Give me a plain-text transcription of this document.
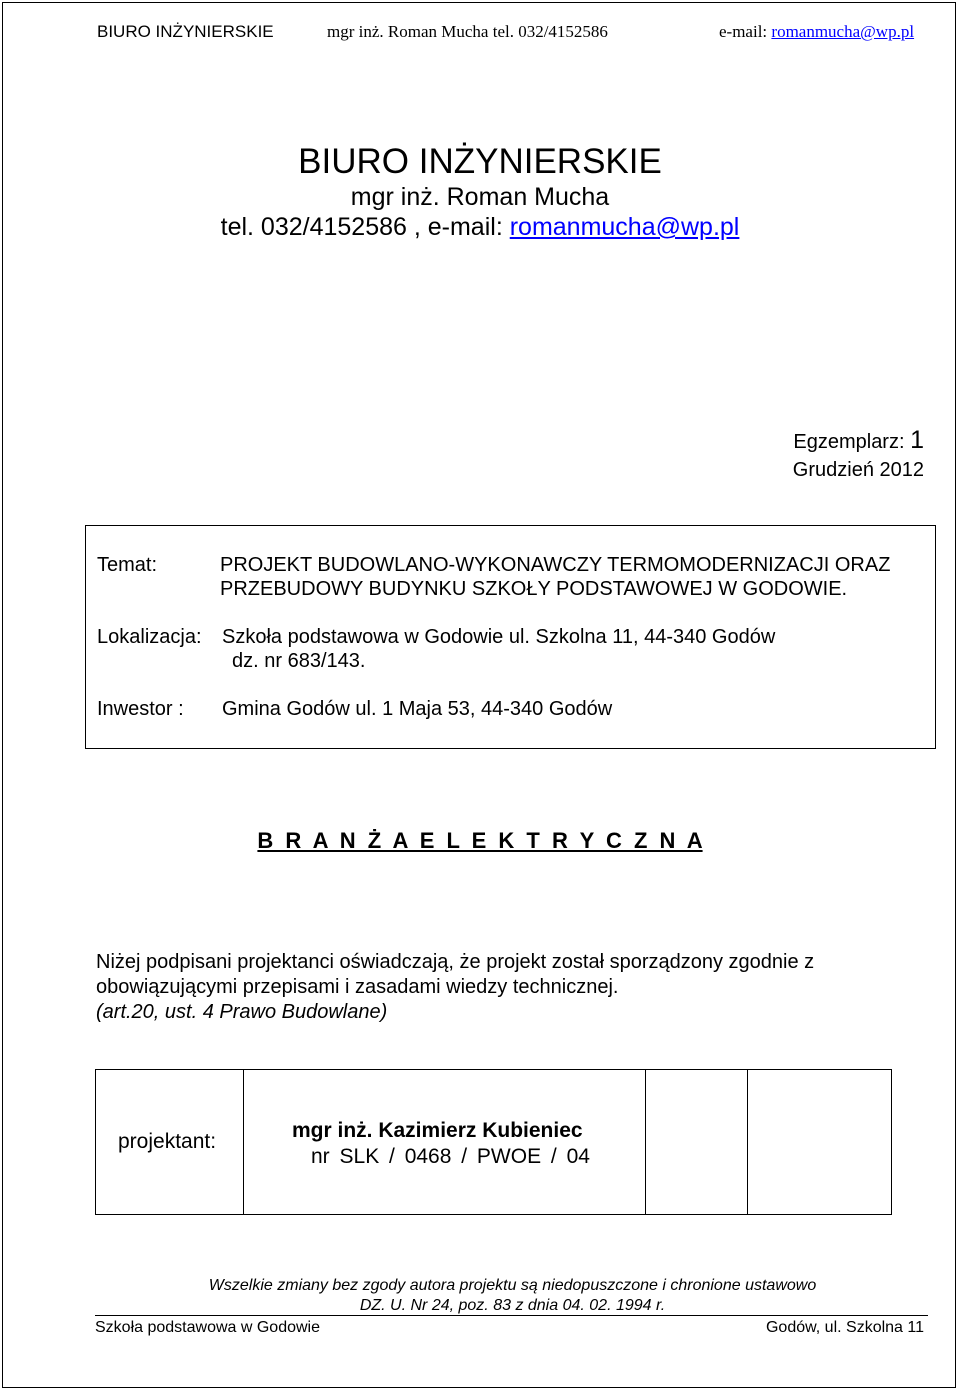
BIURO INŻYNIERSKIE	mgr inż. Roman Mucha tel. 032/4152586	e-mail: romanmucha@wp.pl
BIURO INŻYNIERSKIE
mgr inż. Roman Mucha
tel. 032/4152586 , e-mail: romanmucha@wp.pl
Egzemplarz: 1
Grudzień 2012
Temat:	PROJEKT BUDOWLANO-WYKONAWCZY TERMOMODERNIZACJI ORAZ
PRZEBUDOWY BUDYNKU SZKOŁY PODSTAWOWEJ W GODOWIE.
Lokalizacja: Szkoła podstawowa w Godowie ul. Szkolna 11, 44-340 Godów
dz. nr 683/143.
Inwestor : Gmina Godów ul. 1 Maja 53, 44-340 Godów
B R A N Ż A E L E K T R Y C Z N A
Niżej podpisani projektanci oświadczają, że projekt został sporządzony zgodnie z
obowiązującymi przepisami i zasadami wiedzy technicznej.
(art.20, ust. 4 Prawo Budowlane)
projektant:	mgr inż. Kazimierz Kubieniec
nr SLK / 0468 / PWOE / 04
Wszelkie zmiany bez zgody autora projektu są niedopuszczone i chronione ustawowo
DZ. U. Nr 24, poz. 83 z dnia 04. 02. 1994 r.
Szkoła podstawowa w Godowie	Godów, ul. Szkolna 11
